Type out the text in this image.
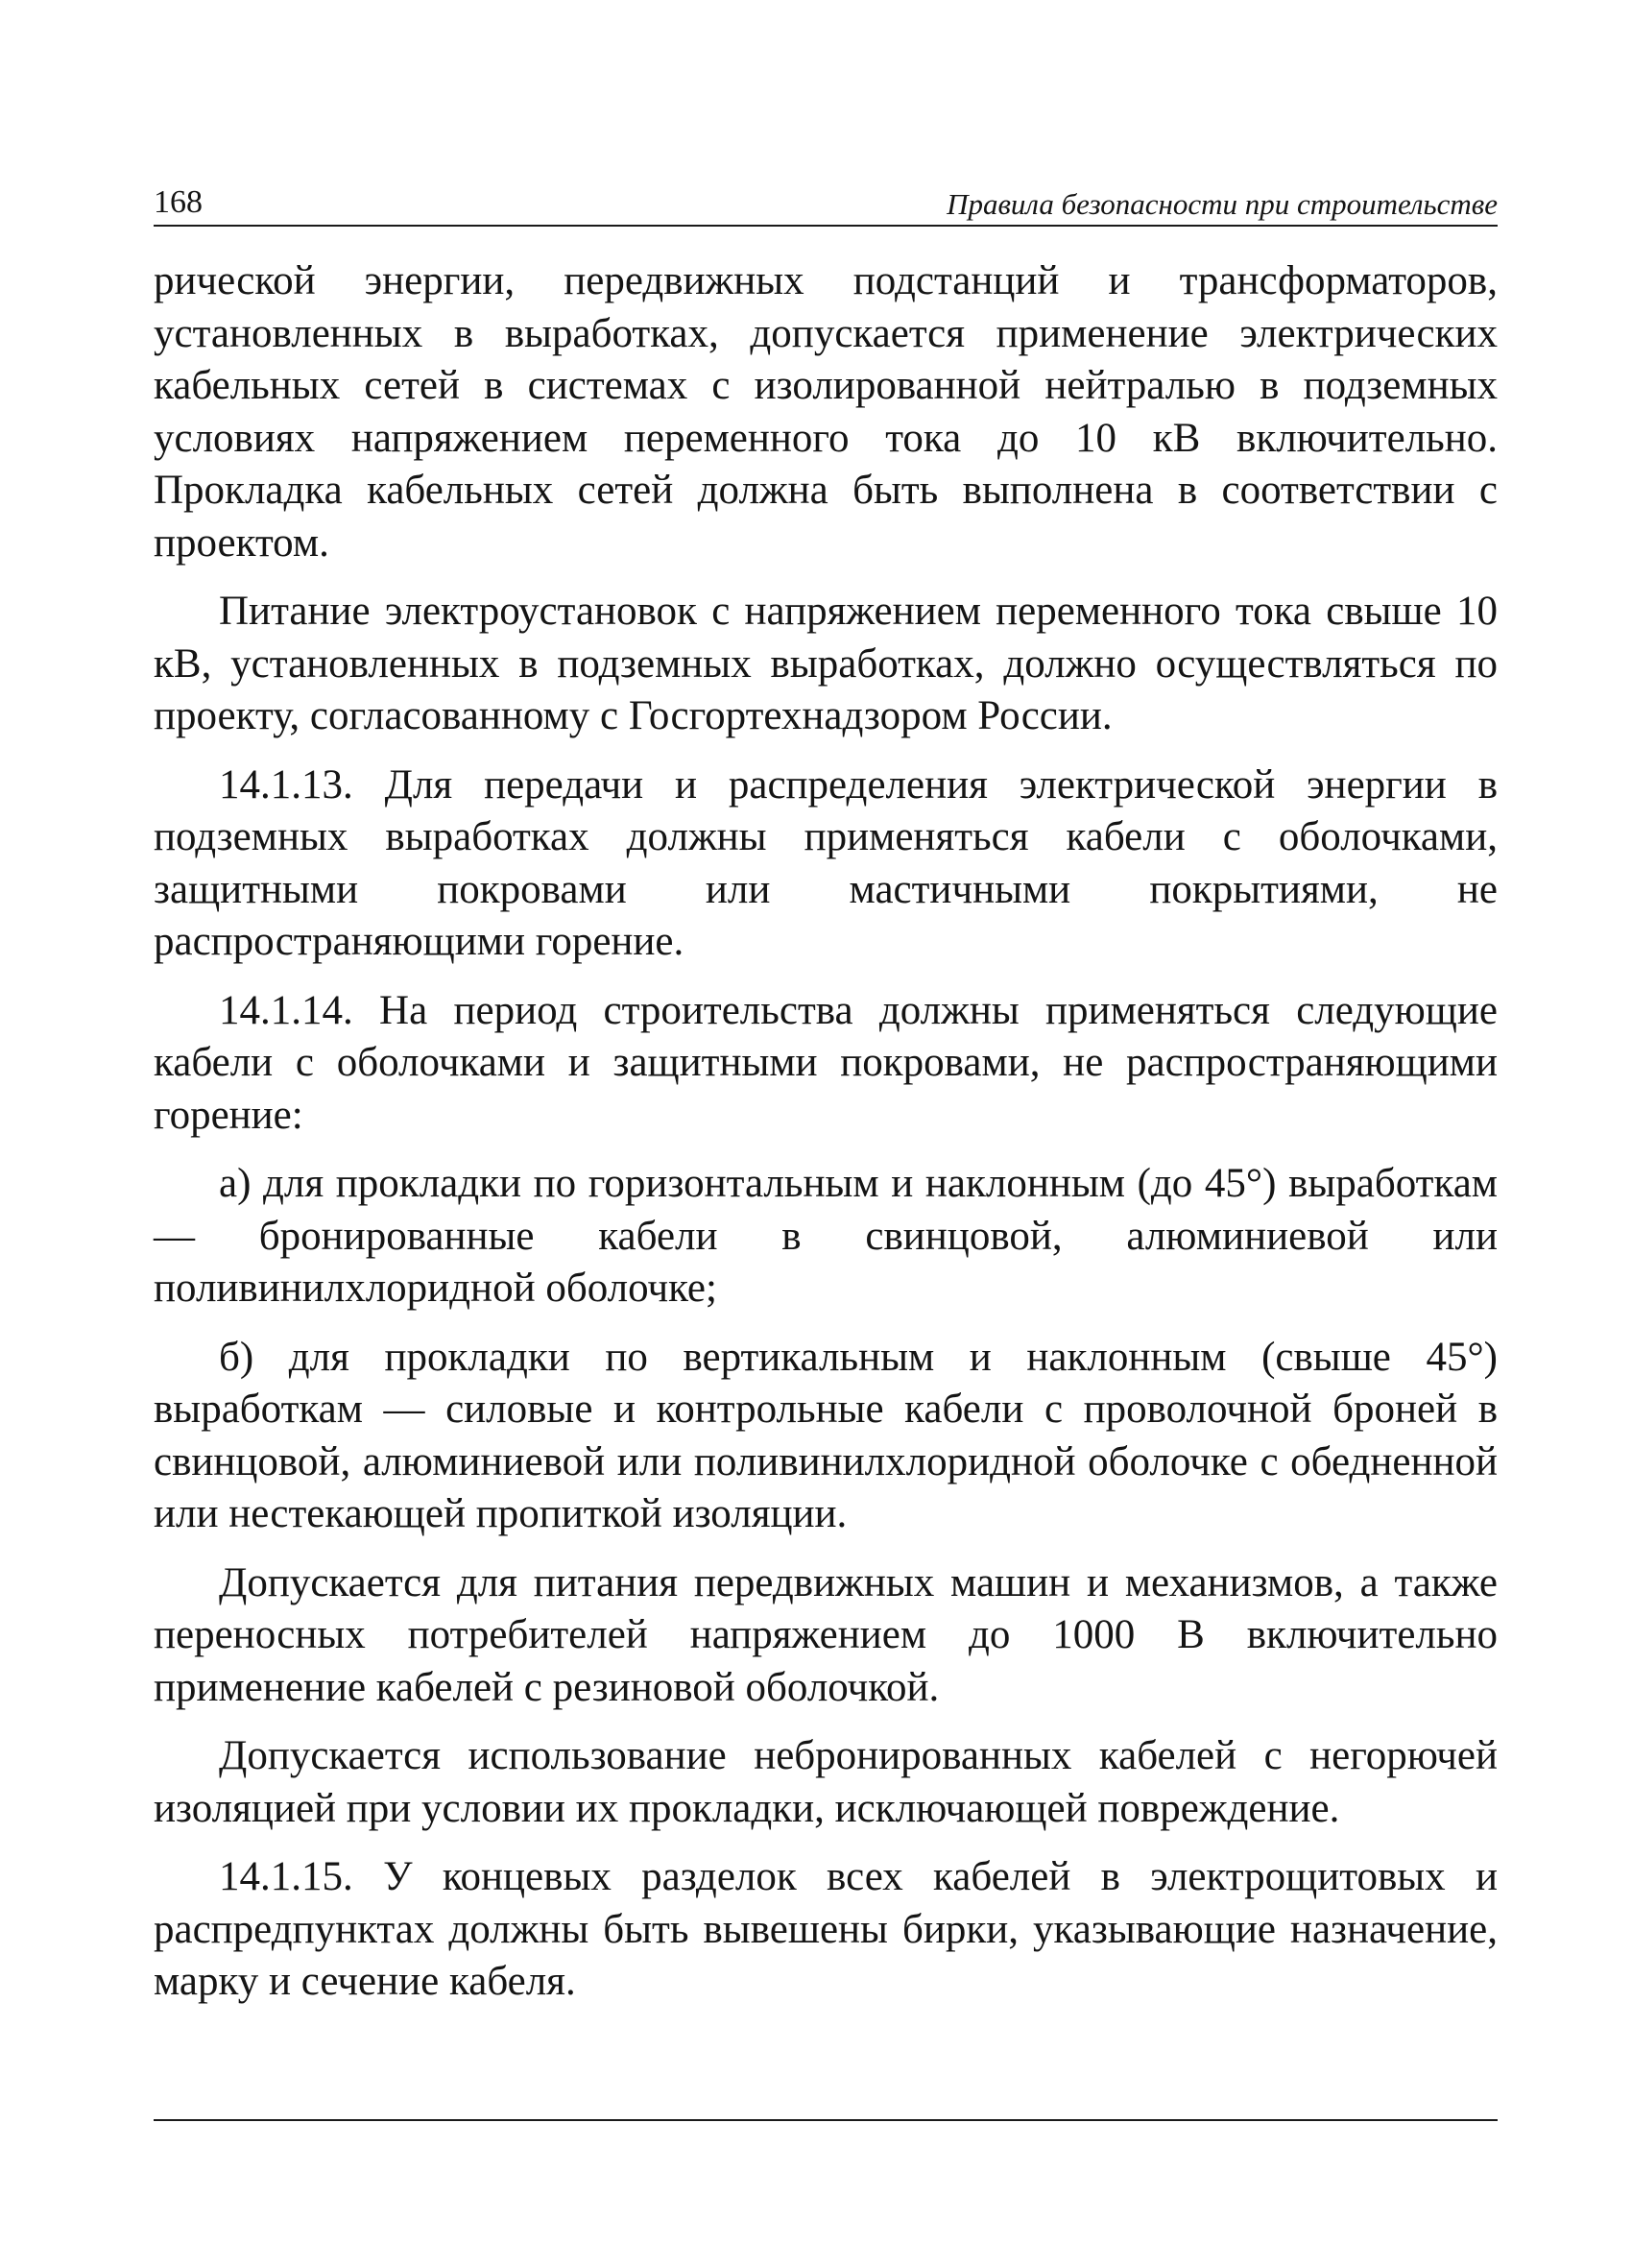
168	Правила безопасности при строительстве

рической энергии, передвижных подстанций и трансформаторов, установленных в выработках, допускается применение электрических кабельных сетей в системах с изолированной нейтралью в подземных условиях напряжением переменного тока до 10 кВ включительно. Прокладка кабельных сетей должна быть выполнена в соответствии с проектом.

Питание электроустановок с напряжением переменного тока свыше 10 кВ, установленных в подземных выработках, должно осуществляться по проекту, согласованному с Госгортехнадзором России.

14.1.13. Для передачи и распределения электрической энергии в подземных выработках должны применяться кабели с оболочками, защитными покровами или мастичными покрытиями, не распространяющими горение.

14.1.14. На период строительства должны применяться следующие кабели с оболочками и защитными покровами, не распространяющими горение:

а) для прокладки по горизонтальным и наклонным (до 45°) выработкам — бронированные кабели в свинцовой, алюминиевой или поливинилхлоридной оболочке;

б) для прокладки по вертикальным и наклонным (свыше 45°) выработкам — силовые и контрольные кабели с проволочной броней в свинцовой, алюминиевой или поливинилхлоридной оболочке с обедненной или нестекающей пропиткой изоляции.

Допускается для питания передвижных машин и механизмов, а также переносных потребителей напряжением до 1000 В включительно применение кабелей с резиновой оболочкой.

Допускается использование небронированных кабелей с негорючей изоляцией при условии их прокладки, исключающей повреждение.

14.1.15. У концевых разделок всех кабелей в электрощитовых и распредпунктах должны быть вывешены бирки, указывающие назначение, марку и сечение кабеля.
